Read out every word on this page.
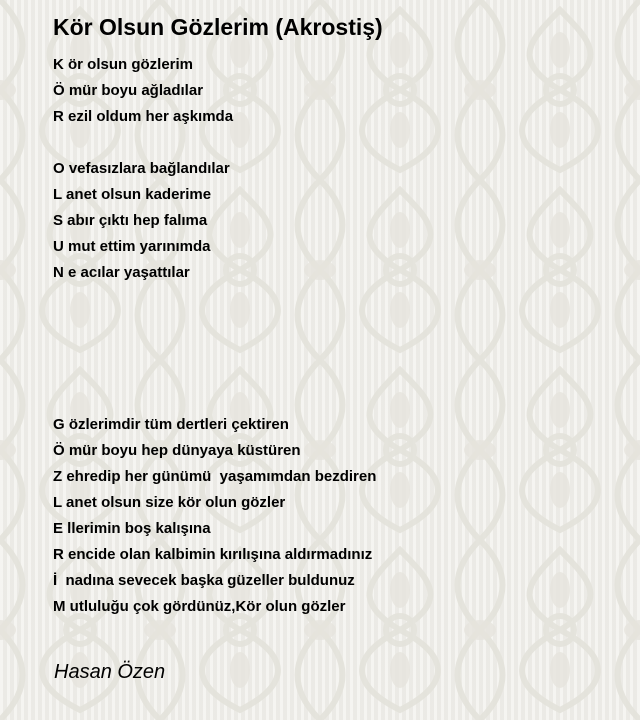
Kör Olsun Gözlerim (Akrostiş)
K ör olsun gözlerim
Ö mür boyu ağladılar
R ezil oldum her aşkımda
O vefasızlara bağlandılar
L anet olsun kaderime
S abır çıktı hep falıma
U mut ettim yarınımda
N e acılar yaşattılar
G özlerimdir tüm dertleri çektiren
Ö mür boyu hep dünyaya küstüren
Z ehredip her günümü  yaşamımdan bezdiren
L anet olsun size kör olun gözler
E llerimin boş kalışına
R encide olan kalbimin kırılışına aldırmadınız
İ  nadına sevecek başka güzeller buldunuz
M utluluğu çok gördünüz,Kör olun gözler
Hasan Özen
